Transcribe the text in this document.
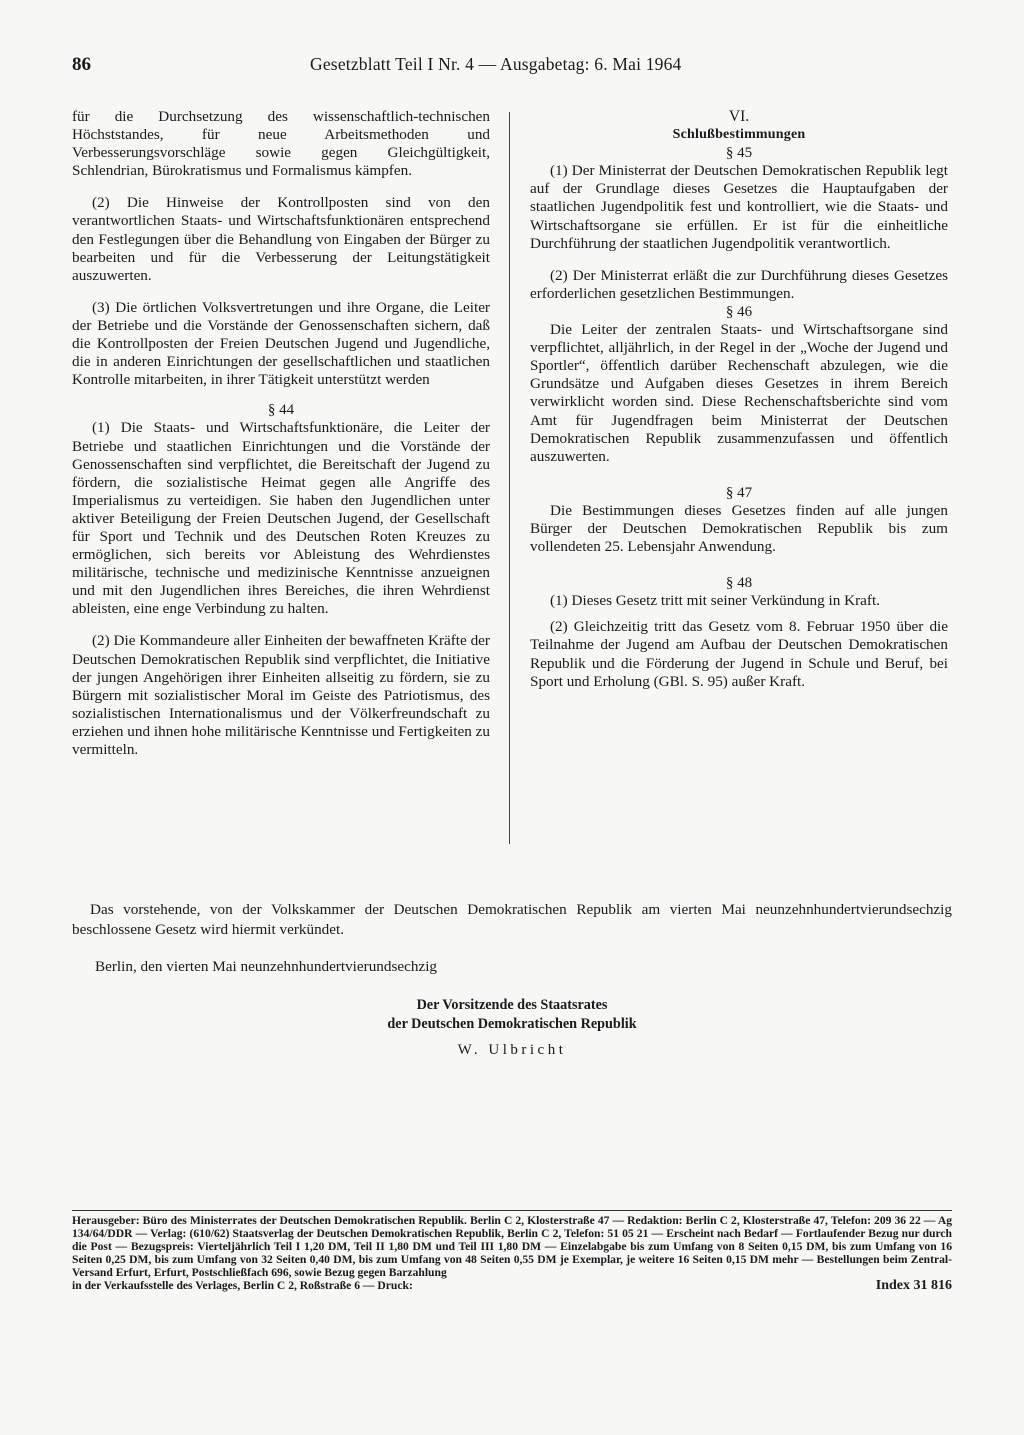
86	Gesetzblatt Teil I Nr. 4 — Ausgabetag: 6. Mai 1964

für die Durchsetzung des wissenschaftlich-technischen Höchststandes, für neue Arbeitsmethoden und Verbesserungsvorschläge sowie gegen Gleichgültigkeit, Schlendrian, Bürokratismus und Formalismus kämpfen.

(2) Die Hinweise der Kontrollposten sind von den verantwortlichen Staats- und Wirtschaftsfunktionären entsprechend den Festlegungen über die Behandlung von Eingaben der Bürger zu bearbeiten und für die Verbesserung der Leitungstätigkeit auszuwerten.

(3) Die örtlichen Volksvertretungen und ihre Organe, die Leiter der Betriebe und die Vorstände der Genossenschaften sichern, daß die Kontrollposten der Freien Deutschen Jugend und Jugendliche, die in anderen Einrichtungen der gesellschaftlichen und staatlichen Kontrolle mitarbeiten, in ihrer Tätigkeit unterstützt werden

§ 44

(1) Die Staats- und Wirtschaftsfunktionäre, die Leiter der Betriebe und staatlichen Einrichtungen und die Vorstände der Genossenschaften sind verpflichtet, die Bereitschaft der Jugend zu fördern, die sozialistische Heimat gegen alle Angriffe des Imperialismus zu verteidigen. Sie haben den Jugendlichen unter aktiver Beteiligung der Freien Deutschen Jugend, der Gesellschaft für Sport und Technik und des Deutschen Roten Kreuzes zu ermöglichen, sich bereits vor Ableistung des Wehrdienstes militärische, technische und medizinische Kenntnisse anzueignen und mit den Jugendlichen ihres Bereiches, die ihren Wehrdienst ableisten, eine enge Verbindung zu halten.

(2) Die Kommandeure aller Einheiten der bewaffneten Kräfte der Deutschen Demokratischen Republik sind verpflichtet, die Initiative der jungen Angehörigen ihrer Einheiten allseitig zu fördern, sie zu Bürgern mit sozialistischer Moral im Geiste des Patriotismus, des sozialistischen Internationalismus und der Völkerfreundschaft zu erziehen und ihnen hohe militärische Kenntnisse und Fertigkeiten zu vermitteln.

VI.

Schlußbestimmungen

§ 45

(1) Der Ministerrat der Deutschen Demokratischen Republik legt auf der Grundlage dieses Gesetzes die Hauptaufgaben der staatlichen Jugendpolitik fest und kontrolliert, wie die Staats- und Wirtschaftsorgane sie erfüllen. Er ist für die einheitliche Durchführung der staatlichen Jugendpolitik verantwortlich.

(2) Der Ministerrat erläßt die zur Durchführung dieses Gesetzes erforderlichen gesetzlichen Bestimmungen.

§ 46

Die Leiter der zentralen Staats- und Wirtschaftsorgane sind verpflichtet, alljährlich, in der Regel in der „Woche der Jugend und Sportler“, öffentlich darüber Rechenschaft abzulegen, wie die Grundsätze und Aufgaben dieses Gesetzes in ihrem Bereich verwirklicht worden sind. Diese Rechenschaftsberichte sind vom Amt für Jugendfragen beim Ministerrat der Deutschen Demokratischen Republik zusammenzufassen und öffentlich auszuwerten.

§ 47

Die Bestimmungen dieses Gesetzes finden auf alle jungen Bürger der Deutschen Demokratischen Republik bis zum vollendeten 25. Lebensjahr Anwendung.

§ 48

(1) Dieses Gesetz tritt mit seiner Verkündung in Kraft.

(2) Gleichzeitig tritt das Gesetz vom 8. Februar 1950 über die Teilnahme der Jugend am Aufbau der Deutschen Demokratischen Republik und die Förderung der Jugend in Schule und Beruf, bei Sport und Erholung (GBl. S. 95) außer Kraft.

Das vorstehende, von der Volkskammer der Deutschen Demokratischen Republik am vierten Mai neunzehnhundertvierundsechzig beschlossene Gesetz wird hiermit verkündet.

Berlin, den vierten Mai neunzehnhundertvierundsechzig
Der Vorsitzende des Staatsrates
der Deutschen Demokratischen Republik
W. Ulbricht
Herausgeber: Büro des Ministerrates der Deutschen Demokratischen Republik. Berlin C 2, Klosterstraße 47 — Redaktion: Berlin C 2, Klosterstraße 47, Telefon: 209 36 22 — Ag 134/64/DDR — Verlag: (610/62) Staatsverlag der Deutschen Demokratischen Republik, Berlin C 2, Telefon: 51 05 21 — Erscheint nach Bedarf — Fortlaufender Bezug nur durch die Post — Bezugspreis: Vierteljährlich Teil I 1,20 DM, Teil II 1,80 DM und Teil III 1,80 DM — Einzelabgabe bis zum Umfang von 8 Seiten 0,15 DM, bis zum Umfang von 16 Seiten 0,25 DM, bis zum Umfang von 32 Seiten 0,40 DM, bis zum Umfang von 48 Seiten 0,55 DM je Exemplar, je weitere 16 Seiten 0,15 DM mehr — Bestellungen beim Zentral-Versand Erfurt, Erfurt, Postschließfach 696, sowie Bezug gegen Barzahlung
in der Verkaufsstelle des Verlages, Berlin C 2, Roßstraße 6 — Druck:	Index 31 816
